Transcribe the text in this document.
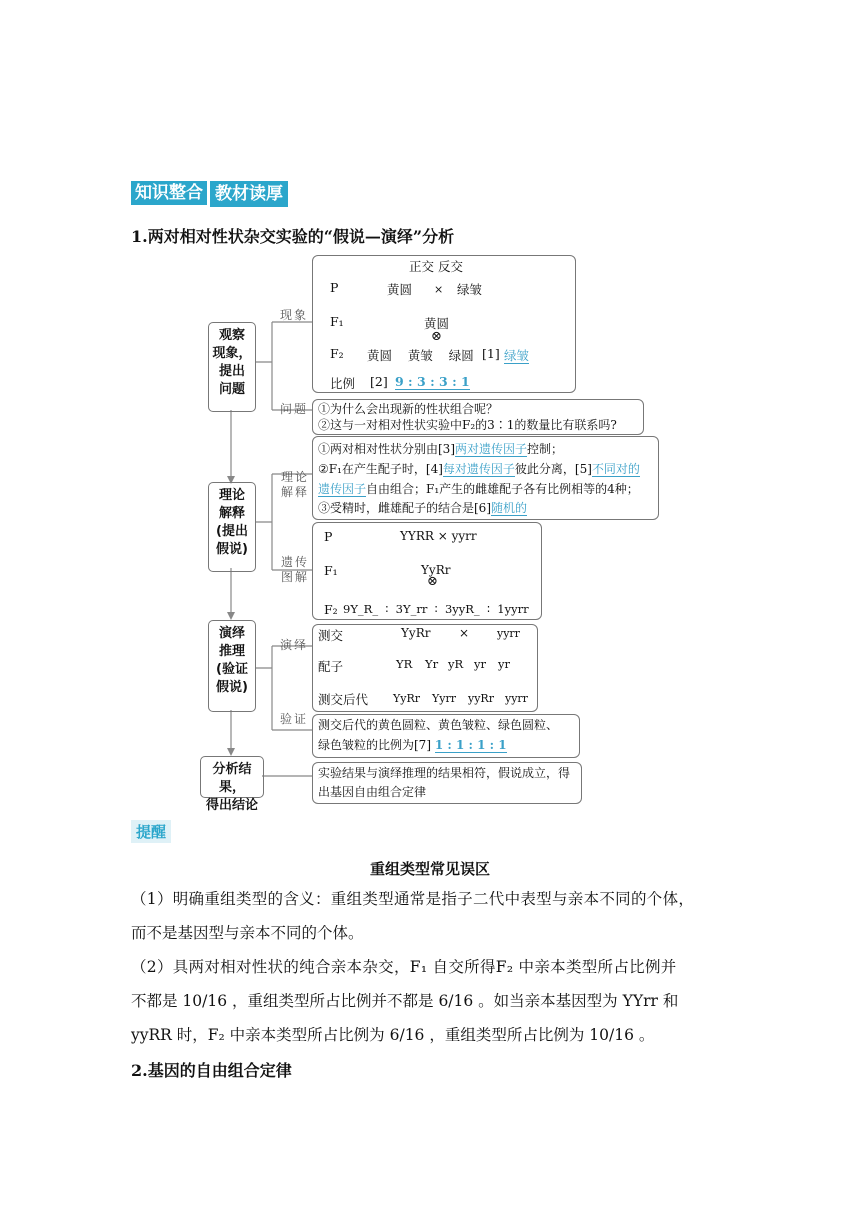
知识整合 教材读厚
1.两对相对性状杂交实验的“假说—演绎”分析
观察
现象，
提出
问题
理论
解释
(提出
假说)
演绎
推理
(验证
假说)
分析结果，
得出结论
现象
问题
理论解释
遗传图解
演绎
验证
正交 反交
P	黄圆 × 绿皱
F₁	黄圆
⊗
F₂ 黄圆    黄皱    绿圆 [1] 绿皱
比例 [2] 9 : 3 : 3 : 1
①为什么会出现新的性状组合呢？
②这与一对相对性状实验中F₂的3∶1的数量比有联系吗?
①两对相对性状分别由[3]两对遗传因子控制；
②F₁在产生配子时，[4]每对遗传因子彼此分离，[5]不同对的
遗传因子自由组合；F₁产生的雌雄配子各有比例相等的4种；
③受精时，雌雄配子的结合是[6]随机的
P	YYRR × yyrr
F₁	YyRr
⊗
F₂ 9Y_R_  ∶  3Y_rr  ∶  3yyR_  ∶  1yyrr
测交	YyRr ×	yyrr
配子	YR Yr yR yr yr
测交后代 YyRr Yyrr yyRr yyrr
测交后代的黄色圆粒、黄色皱粒、绿色圆粒、
绿色皱粒的比例为[7] 1 : 1 : 1 : 1
实验结果与演绎推理的结果相符，假说成立，得
出基因自由组合定律
提醒
重组类型常见误区
（1）明确重组类型的含义：重组类型通常是指子二代中表型与亲本不同的个体，
而不是基因型与亲本不同的个体。
（2）具两对相对性状的纯合亲本杂交，F₁ 自交所得F₂ 中亲本类型所占比例并
不都是 10/16 ，重组类型所占比例并不都是 6/16 。如当亲本基因型为 YYrr 和
yyRR 时，F₂ 中亲本类型所占比例为 6/16 ，重组类型所占比例为 10/16 。
2.基因的自由组合定律
